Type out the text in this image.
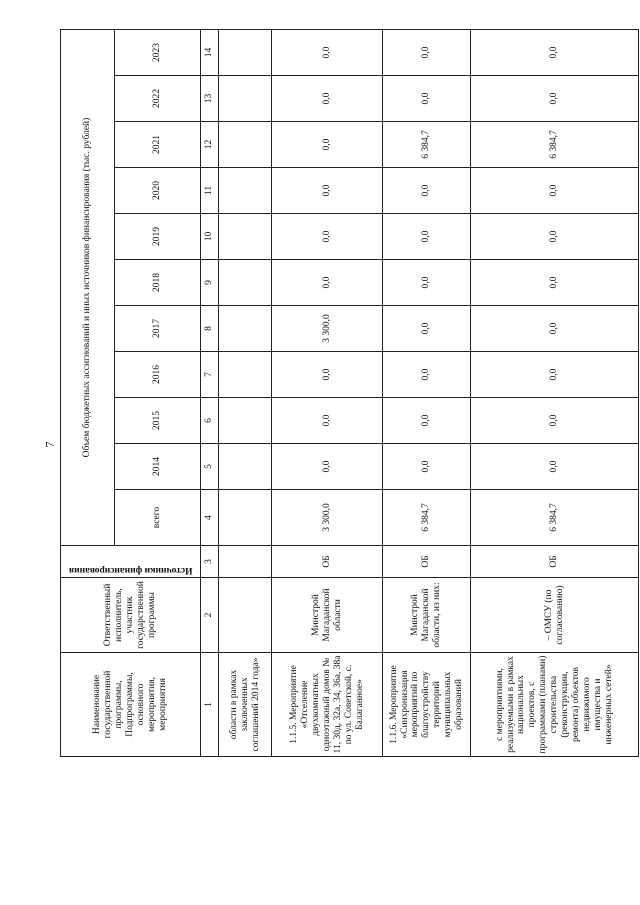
7
Наименование государственной программы, Подпрограммы, основного мероприятия, мероприятия	Ответственный исполнитель, участник государственной программы	Источники финансирования	Объем бюджетных ассигнований и иных источников финансирования (тыс. рублей)										
			всего	2014	2015	2016	2017	2018	2019	2020	2021	2022	2023
1	2	3	4	5	6	7	8	9	10	11	12	13	14
области в рамках заключенных соглашений 2014 года»													
1.1.5. Мероприятие «Отселение двухкомнатных одноэтажный домов № 11, 30д, 32а, 34, 36а, 38а по ул. Советской, с. Балаганное»	Минстрой Магаданской области	ОБ	3 300,0	0,0	0,0	0,0	3 300,0	0,0	0,0	0,0	0,0	0,0	0,0
1.1.6. Мероприятие «Синхронизация мероприятий по благоустройству территорий муниципальных образований	Минстрой Магаданской области, из них:	ОБ	6 384,7	0,0	0,0	0,0	0,0	0,0	0,0	0,0	6 384,7	0,0	0,0
с мероприятиями, реализуемыми в рамках национальных проектов, с программами (планами) строительства (реконструкции, ремонта) объектов недвижимого имущества и инженерных сетей»	– ОМСУ (по согласованию)	ОБ	6 384,7	0,0	0,0	0,0	0,0	0,0	0,0	0,0	6 384,7	0,0	0,0
